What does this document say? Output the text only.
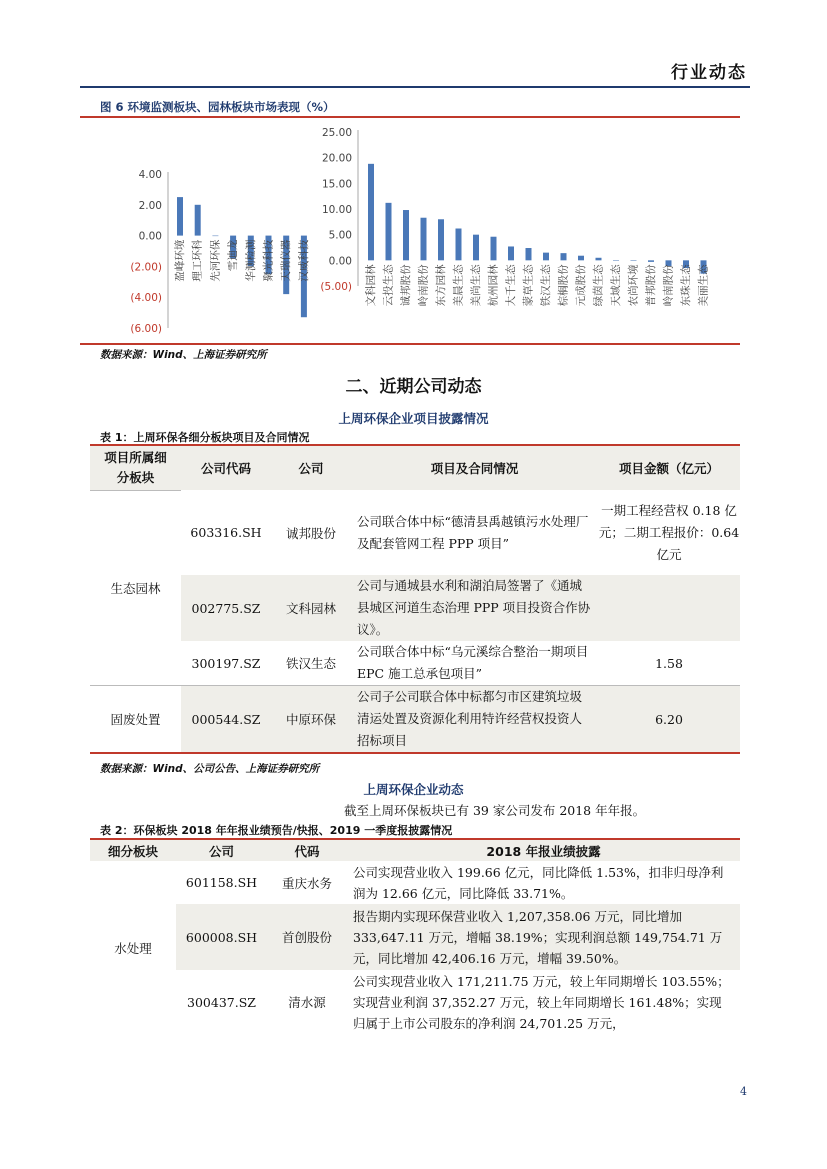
行业动态
图 6 环境监测板块、园林板块市场表现（%）
4.00
2.00
0.00
(2.00)
(4.00)
(6.00)
盈峰环境 理工环科 先河环保 雪迪龙 华测检测 聚光科技 天瑞仪器 汉威科技
25.00
20.00
15.00
10.00
5.00
0.00
(5.00) 文科园林 云投生态 诚邦股份 岭南股份 东方园林 美晨生态 美尚生态 杭州园林 大千生态 蒙草生态 铁汉生态 棕榈股份 元成股份 绿茵生态 天域生态 农尚环境 普邦股份 岭南股份 东珠生态 美丽生态
数据来源：Wind、上海证券研究所
二、近期公司动态
上周环保企业项目披露情况
表 1：上周环保各细分板块项目及合同情况
项目所属细分板块	公司代码	公司	项目及合同情况	项目金额（亿元）
生态园林	603316.SH	诚邦股份	公司联合体中标“德清县禹越镇污水处理厂及配套管网工程 PPP 项目”	一期工程经营权 0.18 亿元；二期工程报价：0.64 亿元
	002775.SZ	文科园林	公司与通城县水利和湖泊局签署了《通城县城区河道生态治理 PPP 项目投资合作协议》。	
	300197.SZ	铁汉生态	公司联合体中标“乌元溪综合整治一期项目 EPC 施工总承包项目”	1.58
固废处置	000544.SZ	中原环保	公司子公司联合体中标都匀市区建筑垃圾清运处置及资源化利用特许经营权投资人招标项目	6.20
数据来源：Wind、公司公告、上海证券研究所
上周环保企业动态
截至上周环保板块已有 39 家公司发布 2018 年年报。
表 2：环保板块 2018 年年报业绩预告/快报、2019 一季度报披露情况
细分板块	公司	代码	2018 年报业绩披露
水处理	601158.SH	重庆水务	公司实现营业收入 199.66 亿元，同比降低 1.53%，扣非归母净利润为 12.66 亿元，同比降低 33.71%。
	600008.SH	首创股份	报告期内实现环保营业收入 1,207,358.06 万元，同比增加 333,647.11 万元，增幅 38.19%；实现利润总额 149,754.71 万元，同比增加 42,406.16 万元，增幅 39.50%。
	300437.SZ	清水源	公司实现营业收入 171,211.75 万元，较上年同期增长 103.55%；实现营业利润 37,352.27 万元，较上年同期增长 161.48%；实现归属于上市公司股东的净利润 24,701.25 万元，
4
